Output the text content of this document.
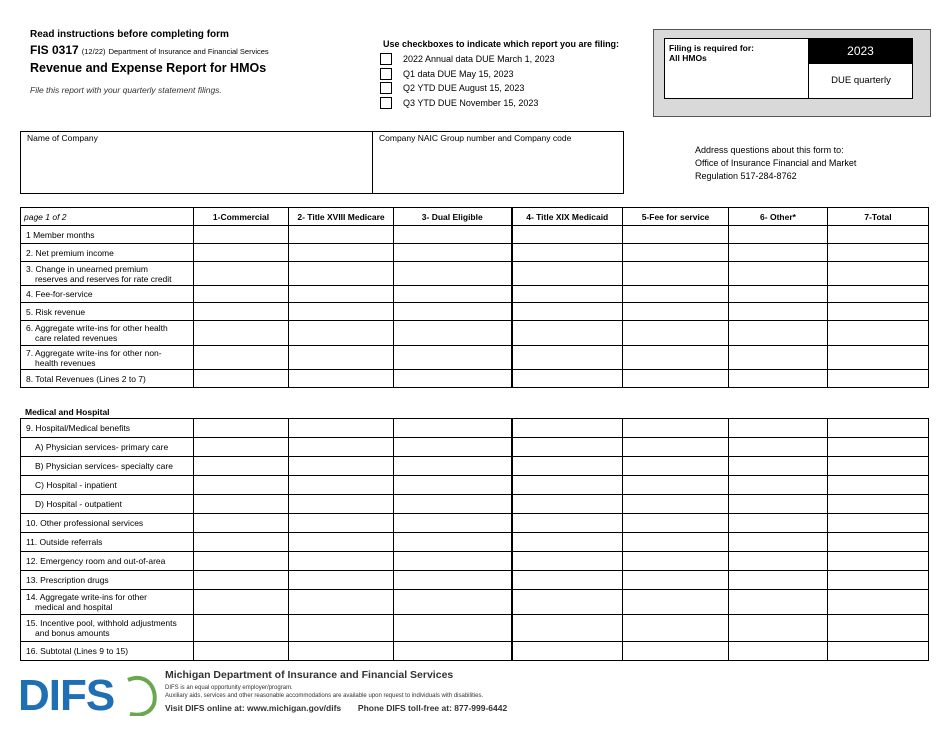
Read instructions before completing form
FIS 0317 (12/22) Department of Insurance and Financial Services
Revenue and Expense Report for HMOs
File this report with your quarterly statement filings.
Use checkboxes to indicate which report you are filing:
2022 Annual data DUE March 1, 2023
Q1 data DUE May 15, 2023
Q2 YTD DUE August 15, 2023
Q3 YTD DUE November 15, 2023
Filing is required for:
All HMOs	2023
DUE quarterly
Name of Company	Company NAIC Group number and Company code
Address questions about this form to:
Office of Insurance Financial and Market
Regulation 517-284-8762
page 1 of 2	1-Commercial	2- Title XVIII Medicare	3- Dual Eligible	4- Title XIX Medicaid	5-Fee for service	6- Other*	7-Total

1 Member months							

2. Net premium income							

3. Change in unearned premium
reserves and reserves for rate credit							

4. Fee-for-service							

5. Risk revenue							

6. Aggregate write-ins for other health
care related revenues							

7. Aggregate write-ins for other non-
health revenues							

8. Total Revenues (Lines 2 to 7)							

Medical and Hospital
9. Hospital/Medical benefits							

A) Physician services- primary care							

B) Physician services- specialty care							

C) Hospital - inpatient							

D) Hospital - outpatient							

10. Other professional services							

11. Outside referrals							

12. Emergency room and out-of-area							

13. Prescription drugs							

14. Aggregate write-ins for other
medical and hospital							

15. Incentive pool, withhold adjustments
and bonus amounts							

16. Subtotal (Lines 9 to 15)							

DIFS	Michigan Department of Insurance and Financial Services
DIFS is an equal opportunity employer/program.
Auxiliary aids, services and other reasonable accommodations are available upon request to individuals with disabilities.
Visit DIFS online at: www.michigan.gov/difs Phone DIFS toll-free at: 877-999-6442
